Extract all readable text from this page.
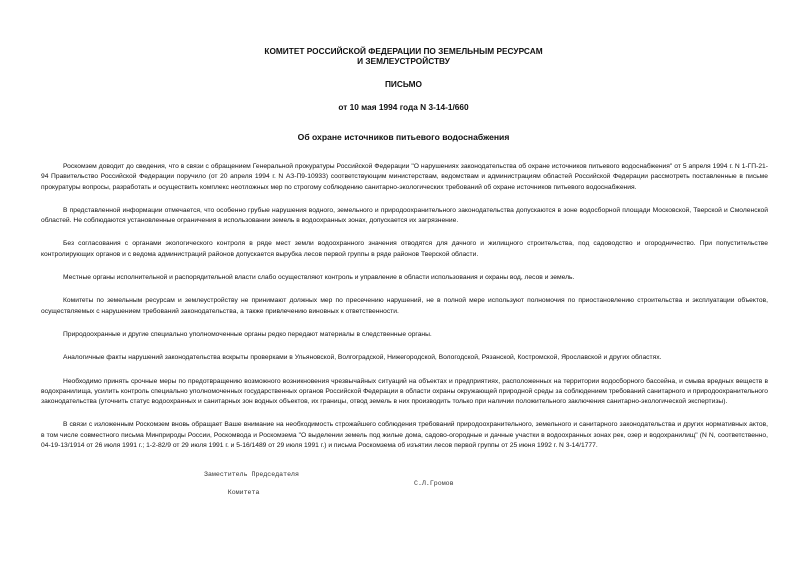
КОМИТЕТ РОССИЙСКОЙ ФЕДЕРАЦИИ ПО ЗЕМЕЛЬНЫМ РЕСУРСАМ
И ЗЕМЛЕУСТРОЙСТВУ
ПИСЬМО
от 10 мая 1994 года N 3-14-1/660
Об охране источников питьевого водоснабжения

Роскомзем доводит до сведения, что в связи с обращением Генеральной прокуратуры Российской Федерации "О нарушениях законодательства об охране источников питьевого водоснабжения" от 5 апреля 1994 г. N 1-ГП-21-94 Правительство Российской Федерации поручило (от 20 апреля 1994 г. N АЗ-П9-10933) соответствующим министерствам, ведомствам и администрациям областей Российской Федерации рассмотреть поставленные в письме прокуратуры вопросы, разработать и осуществить комплекс неотложных мер по строгому соблюдению санитарно-экологических требований об охране источников питьевого водоснабжения.

В представленной информации отмечается, что особенно грубые нарушения водного, земельного и природоохранительного законодательства допускаются в зоне водосборной площади Московской, Тверской и Смоленской областей. Не соблюдаются установленные ограничения в использовании земель в водоохранных зонах, допускается их загрязнение.

Без согласования с органами экологического контроля в ряде мест земли водоохранного значения отводятся для дачного и жилищного строительства, под садоводство и огородничество. При попустительстве контролирующих органов и с ведома администраций районов допускается вырубка лесов первой группы в ряде районов Тверской области.

Местные органы исполнительной и распорядительной власти слабо осуществляют контроль и управление в области использования и охраны вод, лесов и земель.

Комитеты по земельным ресурсам и землеустройству не принимают должных мер по пресечению нарушений, не в полной мере используют полномочия по приостановлению строительства и эксплуатации объектов, осуществляемых с нарушением требований законодательства, а также привлечению виновных к ответственности.

Природоохранные и другие специально уполномоченные органы редко передают материалы в следственные органы.

Аналогичные факты нарушений законодательства вскрыты проверками в Ульяновской, Волгоградской, Нижегородской, Вологодской, Рязанской, Костромской, Ярославской и других областях.

Необходимо принять срочные меры по предотвращению возможного возникновения чрезвычайных ситуаций на объектах и предприятиях, расположенных на территории водосборного бассейна, и смыва вредных веществ в водохранилища, усилить контроль специально уполномоченных государственных органов Российской Федерации в области охраны окружающей природной среды за соблюдением требований санитарного и природоохранительного законодательства (уточнить статус водоохранных и санитарных зон водных объектов, их границы, отвод земель в них производить только при наличии положительного заключения санитарно-экологической экспертизы).

В связи с изложенным Роскомзем вновь обращает Ваше внимание на необходимость строжайшего соблюдения требований природоохранительного, земельного и санитарного законодательства и других нормативных актов, в том числе совместного письма Минприроды России, Роскомвода и Роскомзема "О выделении земель под жилые дома, садово-огородные и дачные участки в водоохранных зонах рек, озер и водохранилищ" (N N, соответственно, 04-19-13/1914 от 26 июля 1991 г.; 1-2-82/9 от 29 июля 1991 г. и 5-16/1489 от 29 июля 1991 г.) и письма Роскомзема об изъятии лесов первой группы от 25 июня 1992 г. N 3-14/1777.

Заместитель Председателя

Комитета

С.Л.Громов
